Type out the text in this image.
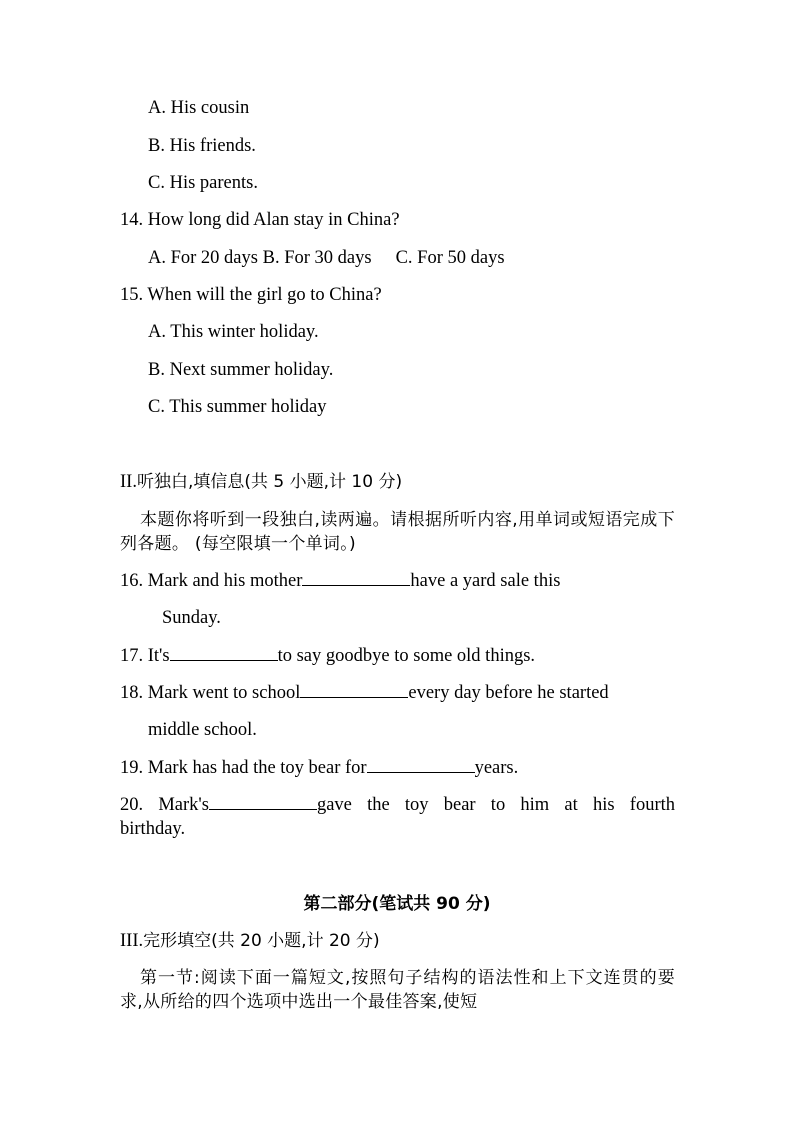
A. His cousin
B. His friends.
C. His parents.
14. How long did Alan stay in China?
A. For 20 days B. For 30 days C. For 50 days
15. When will the girl go to China?
A. This winter holiday.
B. Next summer holiday.
C. This summer holiday
II.听独白,填信息(共 5 小题,计 10 分)
本题你将听到一段独白,读两遍。请根据所听内容,用单词或短语完成下列各题。 (每空限填一个单词。)
16. Mark and his mother	have a yard sale this
Sunday.
17. It's	to say goodbye to some old things.
18. Mark went to school	every day before he started
middle school.
19. Mark has had the toy bear for	years.
20. Mark's	gave the toy bear to him at his fourth
birthday.
第二部分(笔试共 90 分)
III.完形填空(共 20 小题,计 20 分)
第一节:阅读下面一篇短文,按照句子结构的语法性和上下文连贯的要求,从所给的四个选项中选出一个最佳答案,使短
